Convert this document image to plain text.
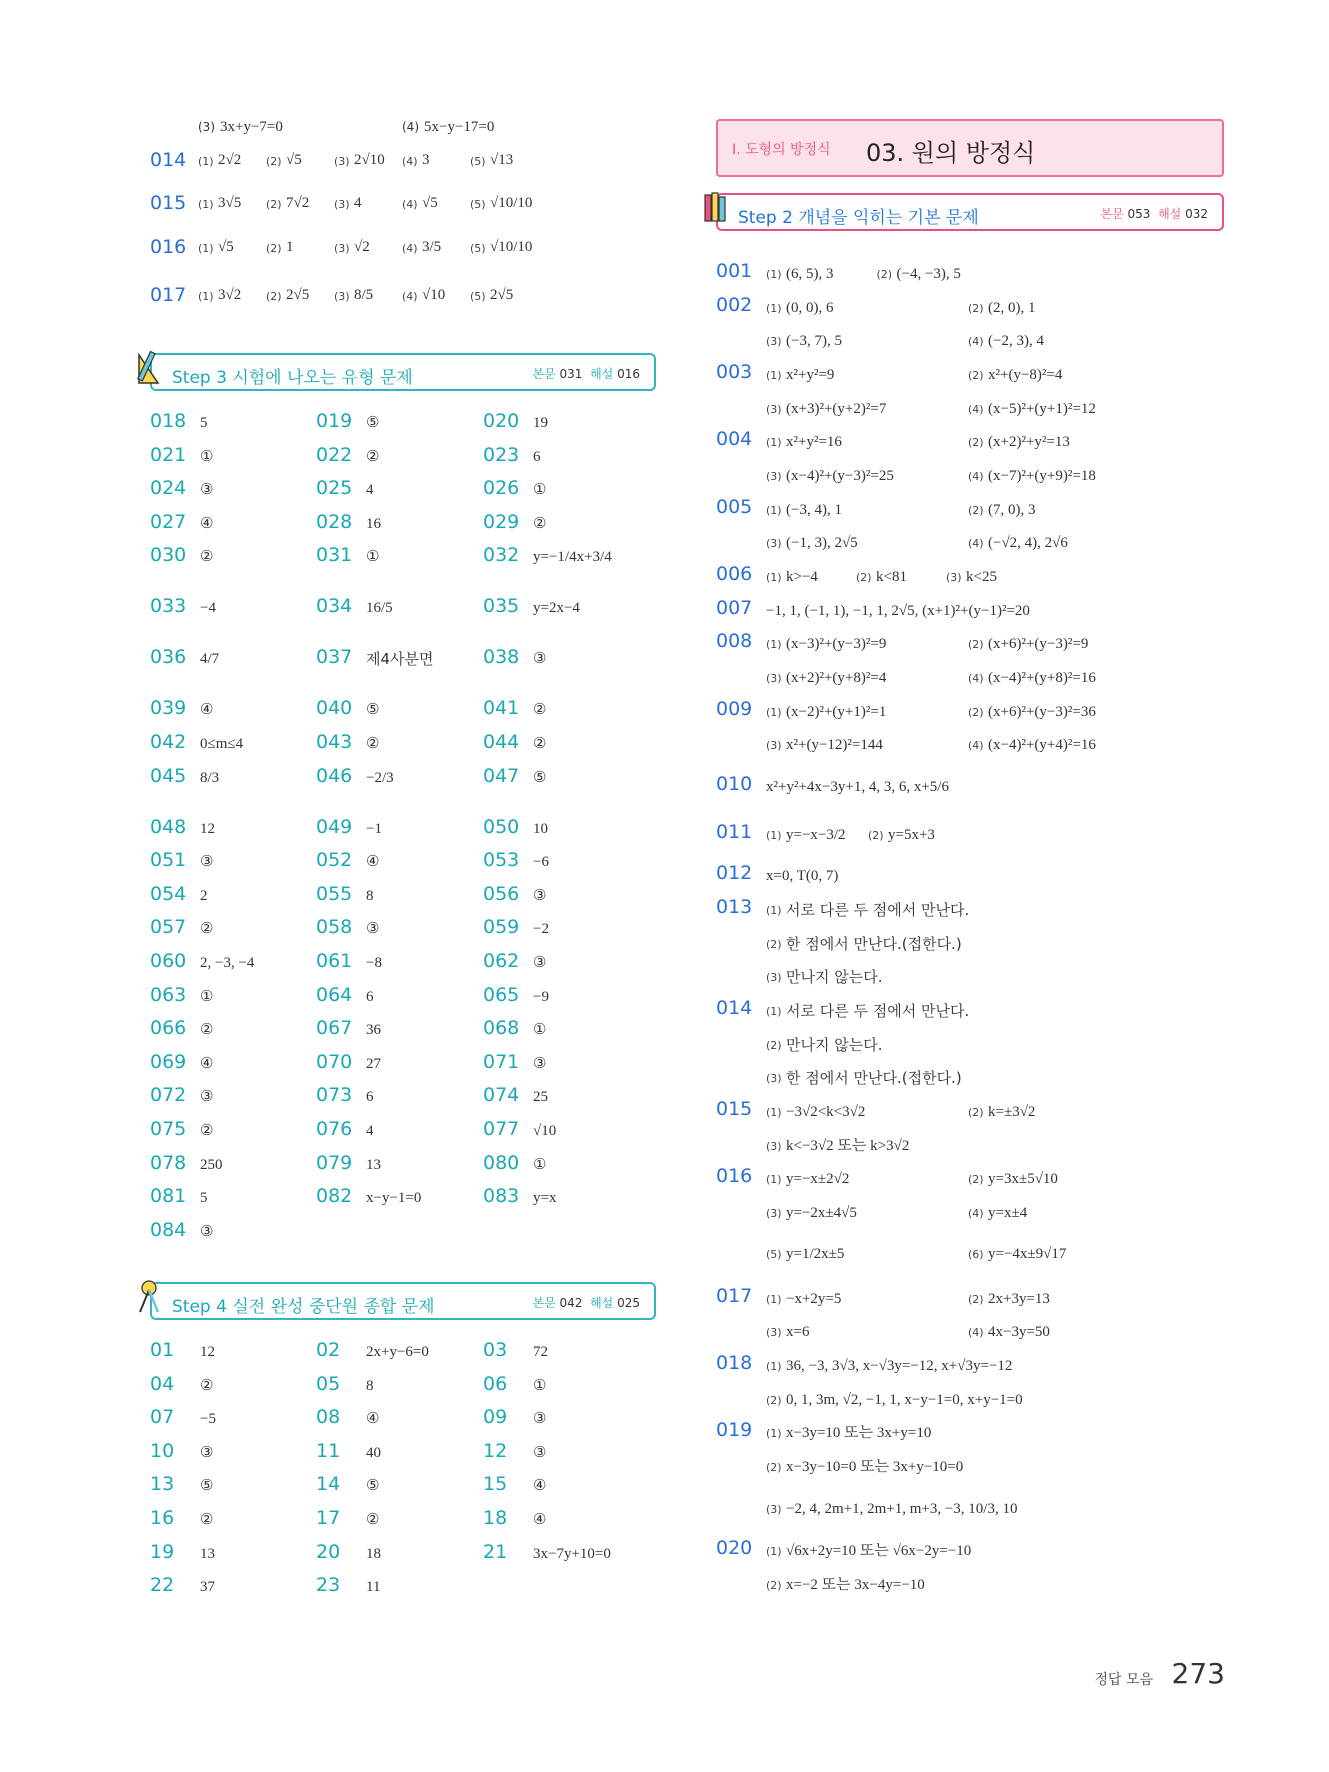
(3) 3x+y−7=0	(4) 5x−y−17=0
014 (1) 2√2 (2) √5	(3) 2√10 (4) 3	(5) √13
015 (1) 3√5 (2) 7√2 (3) 4	(4) √5	(5) √10/10
016 (1) √5	(2) 1	(3) √2	(4) 3/5	(5) √10/10
017 (1) 3√2 (2) 2√5 (3) 8/5	(4) √10 (5) 2√5
Step 3 시험에 나오는 유형 문제	본문 031 해설 016
018 5	019 ⑤	020 19
021 ①	022 ②	023 6
024 ③	025 4	026 ①
027 ④	028 16	029 ②
030 ②	031 ①	032 y=−1/4x+3/4
033 −4	034 16/5	035 y=2x−4
036 4/7	037 제4사분면	038 ③
039 ④	040 ⑤	041 ②
042 0≤m≤4	043 ②	044 ②
045 8/3	046 −2/3	047 ⑤
048 12	049 −1	050 10
051 ③	052 ④	053 −6
054 2	055 8	056 ③
057 ②	058 ③	059 −2
060 2, −3, −4	061 −8	062 ③
063 ①	064 6	065 −9
066 ②	067 36	068 ①
069 ④	070 27	071 ③
072 ③	073 6	074 25
075 ②	076 4	077 √10
078 250	079 13	080 ①
081 5	082 x−y−1=0	083 y=x
084 ③
Step 4 실전 완성 중단원 종합 문제	본문 042 해설 025
01 12	02 2x+y−6=0	03 72
04 ②	05 8	06 ①
07 −5	08 ④	09 ③
10 ③	11 40	12 ③
13 ⑤	14 ⑤	15 ④
16 ②	17 ②	18 ④
19 13	20 18	21 3x−7y+10=0
22 37	23 11
Ⅰ. 도형의 방정식 03. 원의 방정식
Step 2 개념을 익히는 기본 문제	본문 053 해설 032
001 (1) (6, 5), 3	(2) (−4, −3), 5
002 (1) (0, 0), 6	(2) (2, 0), 1
(3) (−3, 7), 5	(4) (−2, 3), 4
003 (1) x²+y²=9	(2) x²+(y−8)²=4
(3) (x+3)²+(y+2)²=7	(4) (x−5)²+(y+1)²=12
004 (1) x²+y²=16	(2) (x+2)²+y²=13
(3) (x−4)²+(y−3)²=25	(4) (x−7)²+(y+9)²=18
005 (1) (−3, 4), 1	(2) (7, 0), 3
(3) (−1, 3), 2√5	(4) (−√2, 4), 2√6
006 (1) k>−4	(2) k<81	(3) k<25
007 −1, 1, (−1, 1), −1, 1, 2√5, (x+1)²+(y−1)²=20
008 (1) (x−3)²+(y−3)²=9	(2) (x+6)²+(y−3)²=9
(3) (x+2)²+(y+8)²=4	(4) (x−4)²+(y+8)²=16
009 (1) (x−2)²+(y+1)²=1	(2) (x+6)²+(y−3)²=36
(3) x²+(y−12)²=144	(4) (x−4)²+(y+4)²=16
010 x²+y²+4x−3y+1, 4, 3, 6, x+5/6
011 (1) y=−x−3/2 (2) y=5x+3
012 x=0, T(0, 7)
013 (1) 서로 다른 두 점에서 만난다.
(2) 한 점에서 만난다.(접한다.)
(3) 만나지 않는다.
014 (1) 서로 다른 두 점에서 만난다.
(2) 만나지 않는다.
(3) 한 점에서 만난다.(접한다.)
015 (1) −3√2<k<3√2	(2) k=±3√2
(3) k<−3√2 또는 k>3√2
016 (1) y=−x±2√2	(2) y=3x±5√10
(3) y=−2x±4√5	(4) y=x±4
(5) y=1/2x±5	(6) y=−4x±9√17
017 (1) −x+2y=5	(2) 2x+3y=13
(3) x=6	(4) 4x−3y=50
018 (1) 36, −3, 3√3, x−√3y=−12, x+√3y=−12
(2) 0, 1, 3m, √2, −1, 1, x−y−1=0, x+y−1=0
019 (1) x−3y=10 또는 3x+y=10
(2) x−3y−10=0 또는 3x+y−10=0
(3) −2, 4, 2m+1, 2m+1, m+3, −3, 10/3, 10
020 (1) √6x+2y=10 또는 √6x−2y=−10
(2) x=−2 또는 3x−4y=−10
정답 모음 273
